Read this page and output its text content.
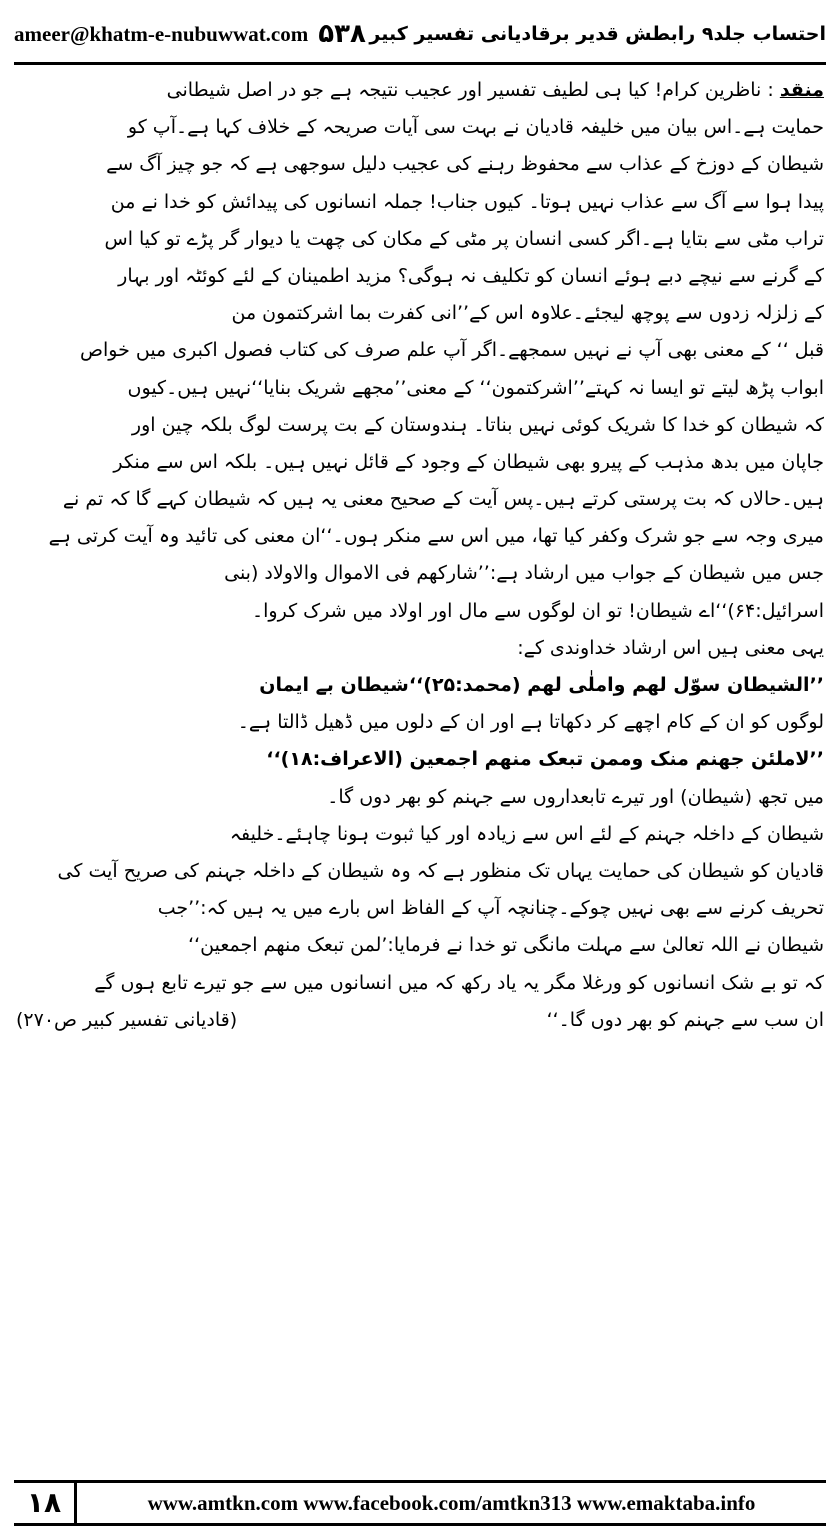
ameer@khatm-e-nubuwwat.com ۵۳۸ احتساب جلد۹ رابطش قدیر برقادیانی تفسیر کبیر
منقد : ناظرین کرام! کیا ہی لطیف تفسیر اور عجیب نتیجہ ہے جو در اصل شیطانی
حمایت ہے۔اس بیان میں خلیفہ قادیان نے بہت سی آیات صریحہ کے خلاف کہا ہے۔آپ کو
شیطان کے دوزخ کے عذاب سے محفوظ رہنے کی عجیب دلیل سوجھی ہے کہ جو چیز آگ سے
پیدا ہوا سے آگ سے عذاب نہیں ہوتا۔ کیوں جناب! جملہ انسانوں کی پیدائش کو خدا نے من
تراب مٹی سے بتایا ہے۔اگر کسی انسان پر مٹی کے مکان کی چھت یا دیوار گر پڑے تو کیا اس
کے گرنے سے نیچے دبے ہوئے انسان کو تکلیف نہ ہوگی؟ مزید اطمینان کے لئے کوئٹہ اور بہار
کے زلزلہ زدوں سے پوچھ لیجئے۔علاوہ اس کے’’انی کفرت بما اشرکتمون من
قبل ‘‘ کے معنی بھی آپ نے نہیں سمجھے۔اگر آپ علم صرف کی کتاب فصول اکبری میں خواص
ابواب پڑھ لیتے تو ایسا نہ کہتے’’اشرکتمون‘‘ کے معنی’’مجھے شریک بنایا‘‘نہیں ہیں۔کیوں
کہ شیطان کو خدا کا شریک کوئی نہیں بناتا۔ ہندوستان کے بت پرست لوگ بلکہ چین اور
جاپان میں بدھ مذہب کے پیرو بھی شیطان کے وجود کے قائل نہیں ہیں۔ بلکہ اس سے منکر
ہیں۔حالاں کہ بت پرستی کرتے ہیں۔پس آیت کے صحیح معنی یہ ہیں کہ شیطان کہے گا کہ تم نے
میری وجہ سے جو شرک وکفر کیا تھا، میں اس سے منکر ہوں۔‘‘ان معنی کی تائید وہ آیت کرتی ہے
جس میں شیطان کے جواب میں ارشاد ہے:’’شارکھم فی الاموال والاولاد (بنی
اسرائیل:۶۴)‘‘اے شیطان! تو ان لوگوں سے مال اور اولاد میں شرک کروا۔
یہی معنی ہیں اس ارشاد خداوندی کے:
’’الشیطان سوّل لھم واملٰی لھم (محمد:۲۵)‘‘شیطان بے ایمان
لوگوں کو ان کے کام اچھے کر دکھاتا ہے اور ان کے دلوں میں ڈھیل ڈالتا ہے۔
’’لاملئن جھنم منک وممن تبعک منھم اجمعین (الاعراف:۱۸)‘‘
میں تجھ (شیطان) اور تیرے تابعداروں سے جہنم کو بھر دوں گا۔
شیطان کے داخلہ جہنم کے لئے اس سے زیادہ اور کیا ثبوت ہونا چاہئے۔خلیفہ
قادیان کو شیطان کی حمایت یہاں تک منظور ہے کہ وہ شیطان کے داخلہ جہنم کی صریح آیت کی
تحریف کرنے سے بھی نہیں چوکے۔چنانچہ آپ کے الفاظ اس بارے میں یہ ہیں کہ:’’جب
شیطان نے اللہ تعالیٰ سے مہلت مانگی تو خدا نے فرمایا:’لمن تبعک منھم اجمعین‘‘
کہ تو بے شک انسانوں کو ورغلا مگر یہ یاد رکھ کہ میں انسانوں میں سے جو تیرے تابع ہوں گے
ان سب سے جہنم کو بھر دوں گا۔‘‘
(قادیانی تفسیر کبیر ص۲۷۰)
۱۸	www.amtkn.com www.facebook.com/amtkn313 www.emaktaba.info
